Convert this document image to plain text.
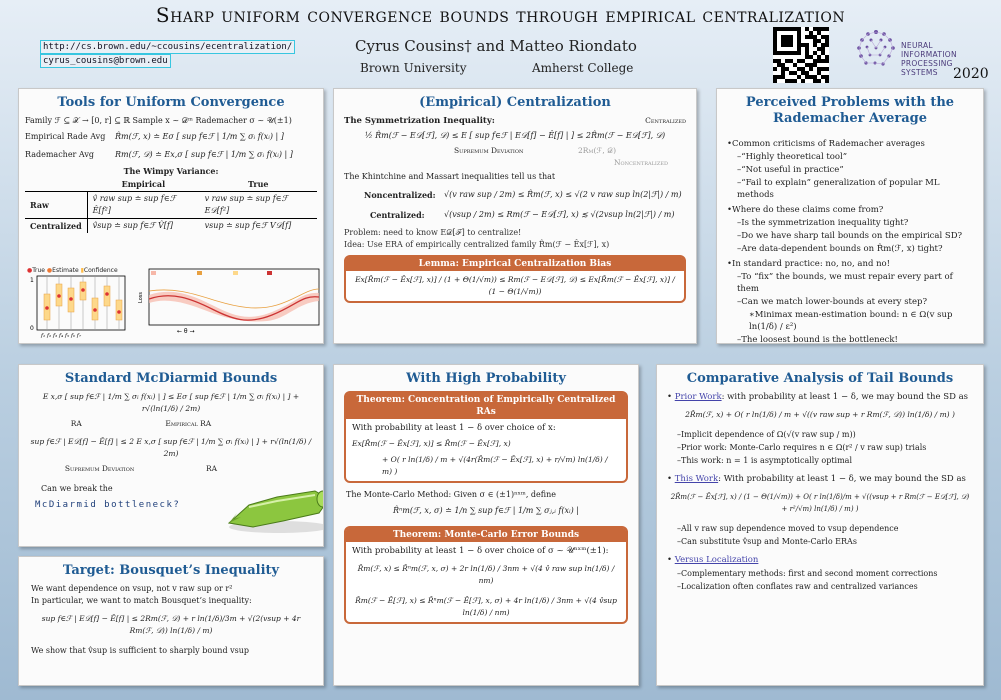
Sharp uniform convergence bounds through empirical centralization
http://cs.brown.edu/~ccousins/ecentralization/
cyrus_cousins@brown.edu
Cyrus Cousins† and Matteo Riondato
Brown University	Amherst College
NEURAL INFORMATION
PROCESSING SYSTEMS	2020
Tools for Uniform Convergence
Family ℱ ⊆ 𝒳 → [0, r] ⊆ ℝ Sample x ~ 𝒟ᵐ Rademacher σ ~ 𝒰(±1)
Empirical Rade Avg	R̂m(ℱ, x) ≐ Eσ [ sup f∈ℱ | 1/m ∑ σᵢ f(xᵢ) | ]
Rademacher Avg	Rm(ℱ, 𝒟) ≐ Ex,σ [ sup f∈ℱ | 1/m ∑ σᵢ f(xᵢ) | ]
The Wimpy Variance:
	Empirical	True
Raw	v̂ raw sup ≐ sup f∈ℱ Ê[f²]	v raw sup ≐ sup f∈ℱ E𝒟[f²]
Centralized	v̂sup ≐ sup f∈ℱ V̂[f]	vsup ≐ sup f∈ℱ V𝒟[f]
●True ●Estimate ▮Confidence
1
0
f₁ f₂ f₃ f₄ f₅ f₆ f₇
Loss
← θ →
(Empirical) Centralization
The Symmetrization Inequality:	Centralized
½ R̂m(ℱ − E𝒟[ℱ], 𝒟) ≤ E [ sup f∈ℱ | E𝒟[f] − Ê[f] | ] ≤ 2R̂m(ℱ − E𝒟[ℱ], 𝒟)
Supremum Deviation	2Rm(ℱ, 𝒟)
Noncentralized
The Khintchine and Massart inequalities tell us that
Noncentralized:	√(v raw sup / 2m) ≤ R̂m(ℱ, x) ≤ √(2 v raw sup ln(2|ℱ|) / m)
Centralized:	√(vsup / 2m) ≤ Rm(ℱ − E𝒟[ℱ], x) ≲ √(2vsup ln(2|ℱ|) / m)
Problem: need to know E𝒟[ℱ] to centralize!
Idea: Use ERA of empirically centralized family R̂m(ℱ − Êx[ℱ], x)
Lemma: Empirical Centralization Bias
Ex[R̂m(ℱ − Êx[ℱ], x)] / (1 + Θ(1/√m)) ≤ Rm(ℱ − E𝒟[ℱ], 𝒟) ≤ Ex[R̂m(ℱ − Êx[ℱ], x)] / (1 − Θ(1/√m))
Perceived Problems with the Rademacher Average
• Common criticisms of Rademacher averages
– “Highly theoretical tool”
– “Not useful in practice”
– “Fail to explain” generalization of popular ML methods
• Where do these claims come from?
– Is the symmetrization inequality tight?
– Do we have sharp tail bounds on the empirical SD?
– Are data-dependent bounds on R̂m(ℱ, x) tight?
• In standard practice: no, no, and no!
– To “fix” the bounds, we must repair every part of them
– Can we match lower-bounds at every step?
∗ Minimax mean-estimation bound: n ∈ Ω(v sup ln(1/δ) / ε²)
– The loosest bound is the bottleneck!
Standard McDiarmid Bounds
E x,σ [ sup f∈ℱ | 1/m ∑ σᵢ f(xᵢ) | ] ≤ Eσ [ sup f∈ℱ | 1/m ∑ σᵢ f(xᵢ) | ] + r√(ln(1/δ) / 2m)
RA	Empirical RA
sup f∈ℱ | E𝒟[f] − Ê[f] | ≤ 2 E x,σ [ sup f∈ℱ | 1/m ∑ σᵢ f(xᵢ) | ] + r√(ln(1/δ) / 2m)
Supremum Deviation	RA
Can we break the
McDiarmid bottleneck?
Target: Bousquet’s Inequality
We want dependence on vsup, not v raw sup or r²
In particular, we want to match Bousquet’s inequality:
sup f∈ℱ | E𝒟[f] − Ê[f] | ≤ 2Rm(ℱ, 𝒟) + r ln(1/δ)/3m + √(2(vsup + 4r Rm(ℱ, 𝒟)) ln(1/δ) / m)
We show that v̂sup is sufficient to sharply bound vsup
With High Probability
Theorem: Concentration of Empirically Centralized RAs
With probability at least 1 − δ over choice of x:
Ex[R̂m(ℱ − Êx[ℱ], x)] ≤ R̂m(ℱ − Êx[ℱ], x)
+ O( r ln(1/δ) / m + √(4r(R̂m(ℱ − Êx[ℱ], x) + r/√m) ln(1/δ) / m) )
The Monte-Carlo Method: Given σ ∈ (±1)ⁿˣᵐ, define
R̂ⁿm(ℱ, x, σ) ≐ 1/n ∑ sup f∈ℱ | 1/m ∑ σⱼ,ᵢ f(xᵢ) |
Theorem: Monte-Carlo Error Bounds
With probability at least 1 − δ over choice of σ ~ 𝒰ⁿˣᵐ(±1):
R̂m(ℱ, x) ≤ R̂ⁿm(ℱ, x, σ) + 2r ln(1/δ) / 3nm + √(4 v̂ raw sup ln(1/δ) / nm)
R̂m(ℱ − Ê[ℱ], x) ≤ R̂ⁿm(ℱ − Ê[ℱ], x, σ) + 4r ln(1/δ) / 3nm + √(4 v̂sup ln(1/δ) / nm)
Comparative Analysis of Tail Bounds
• Prior Work: with probability at least 1 − δ, we may bound the SD as
2R̂m(ℱ, x) + O( r ln(1/δ) / m + √((v raw sup + r Rm(ℱ, 𝒟)) ln(1/δ) / m) )
– Implicit dependence of Ω(√(v raw sup / m))
– Prior work: Monte-Carlo requires n ∈ Ω(r² / v raw sup) trials
– This work: n = 1 is asymptotically optimal
• This Work: With probability at least 1 − δ, we may bound the SD as
2R̂m(ℱ − Êx[ℱ], x) / (1 − Θ(1/√m)) + O( r ln(1/δ)/m + √((vsup + r Rm(ℱ − E𝒟[ℱ], 𝒟) + r²/√m) ln(1/δ) / m) )
– All v raw sup dependence moved to vsup dependence
– Can substitute v̂sup and Monte-Carlo ERAs
• Versus Localization
– Complementary methods: first and second moment corrections
– Localization often conflates raw and centralized variances
